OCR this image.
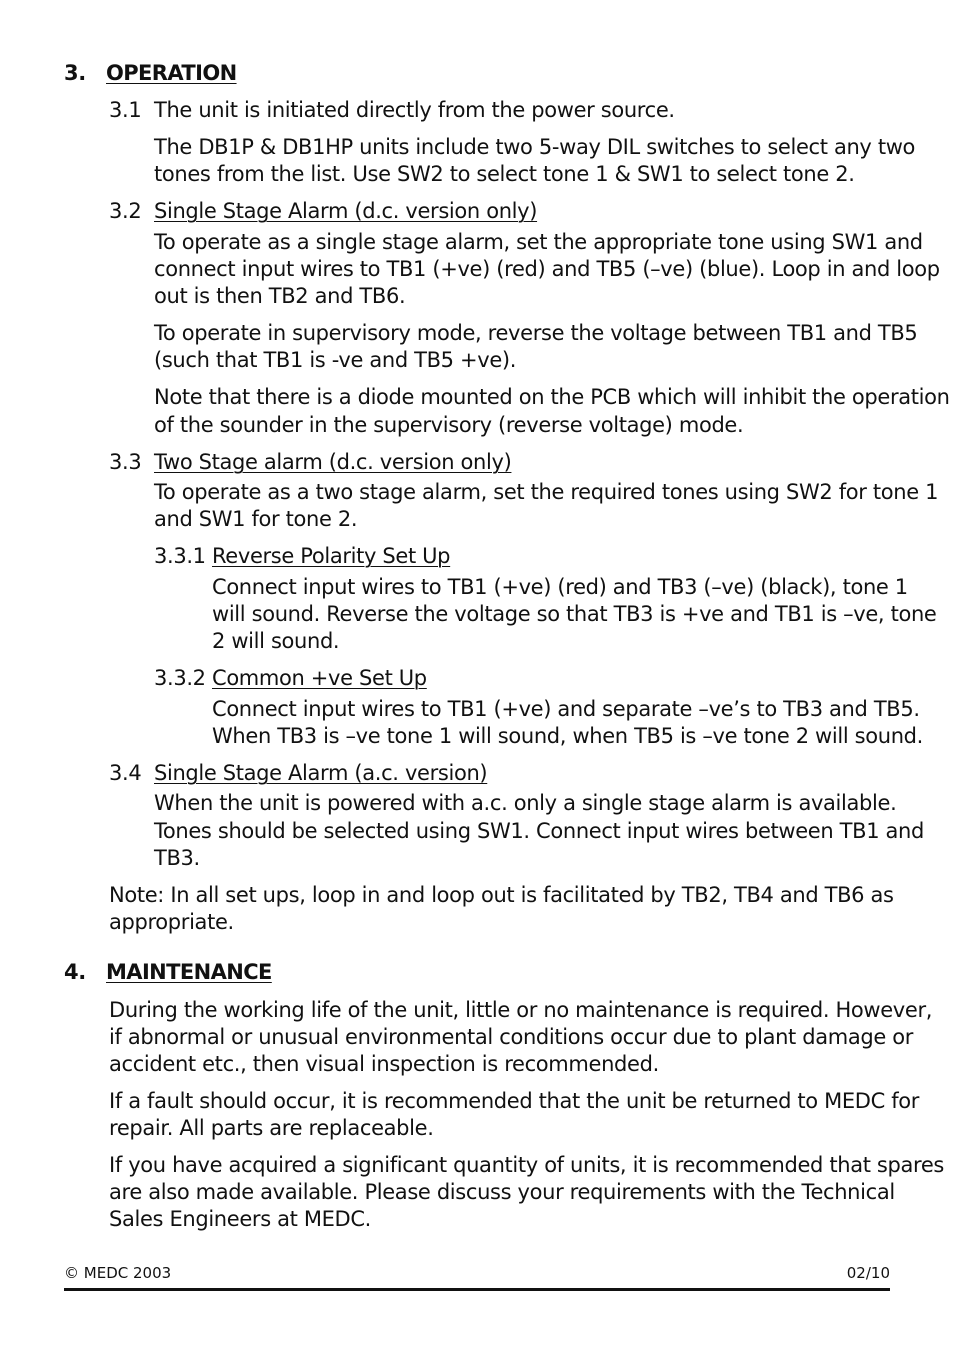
3. OPERATION
3.1 The unit is initiated directly from the power source.
The DB1P & DB1HP units include two 5-way DIL switches to select any two
tones from the list. Use SW2 to select tone 1 & SW1 to select tone 2.
3.2 Single Stage Alarm (d.c. version only)
To operate as a single stage alarm, set the appropriate tone using SW1 and
connect input wires to TB1 (+ve) (red) and TB5 (–ve) (blue). Loop in and loop
out is then TB2 and TB6.
To operate in supervisory mode, reverse the voltage between TB1 and TB5
(such that TB1 is -ve and TB5 +ve).
Note that there is a diode mounted on the PCB which will inhibit the operation
of the sounder in the supervisory (reverse voltage) mode.
3.3 Two Stage alarm (d.c. version only)
To operate as a two stage alarm, set the required tones using SW2 for tone 1
and SW1 for tone 2.
3.3.1 Reverse Polarity Set Up
Connect input wires to TB1 (+ve) (red) and TB3 (–ve) (black), tone 1
will sound. Reverse the voltage so that TB3 is +ve and TB1 is –ve, tone
2 will sound.
3.3.2 Common +ve Set Up
Connect input wires to TB1 (+ve) and separate –ve’s to TB3 and TB5.
When TB3 is –ve tone 1 will sound, when TB5 is –ve tone 2 will sound.
3.4 Single Stage Alarm (a.c. version)
When the unit is powered with a.c. only a single stage alarm is available.
Tones should be selected using SW1. Connect input wires between TB1 and
TB3.
Note: In all set ups, loop in and loop out is facilitated by TB2, TB4 and TB6 as
appropriate.
4. MAINTENANCE
During the working life of the unit, little or no maintenance is required. However,
if abnormal or unusual environmental conditions occur due to plant damage or
accident etc., then visual inspection is recommended.
If a fault should occur, it is recommended that the unit be returned to MEDC for
repair. All parts are replaceable.
If you have acquired a significant quantity of units, it is recommended that spares
are also made available. Please discuss your requirements with the Technical
Sales Engineers at MEDC.
© MEDC 2003	02/10
